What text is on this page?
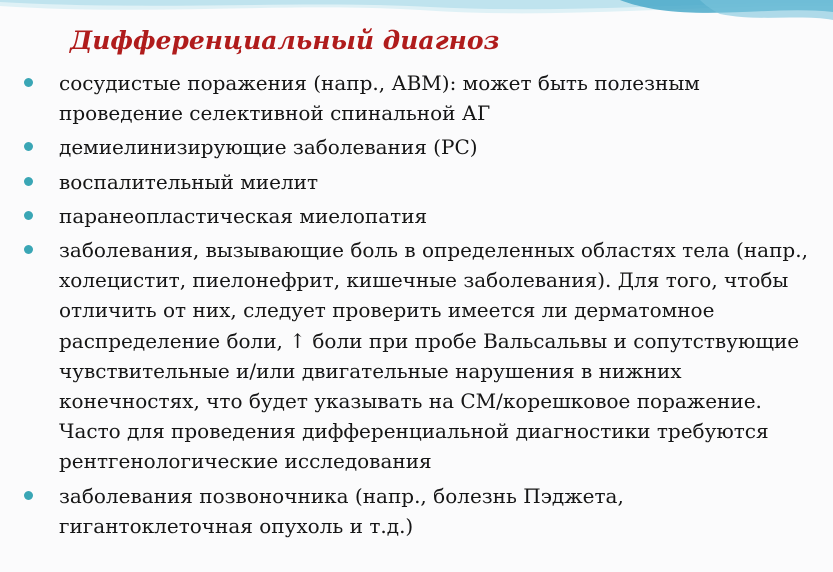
Дифференциальный диагноз
сосудистые поражения (напр., АВМ): может быть полезным проведение селективной спинальной АГ
демиелинизирующие заболевания (РС)
воспалительный миелит
паранеопластическая миелопатия
заболевания, вызывающие боль в определенных областях тела (напр., холецистит, пиелонефрит, кишечные заболевания). Для того, чтобы отличить от них, следует проверить имеется ли дерматомное распределение боли, ↑ боли при пробе Вальсальвы и сопутствующие чувствительные и/или двигательные нарушения в нижних конечностях, что будет указывать на СМ/корешковое поражение. Часто для проведения дифференциальной диагностики требуются рентгенологические исследования
заболевания позвоночника (напр., болезнь Пэджета, гигантоклеточная опухоль и т.д.)
